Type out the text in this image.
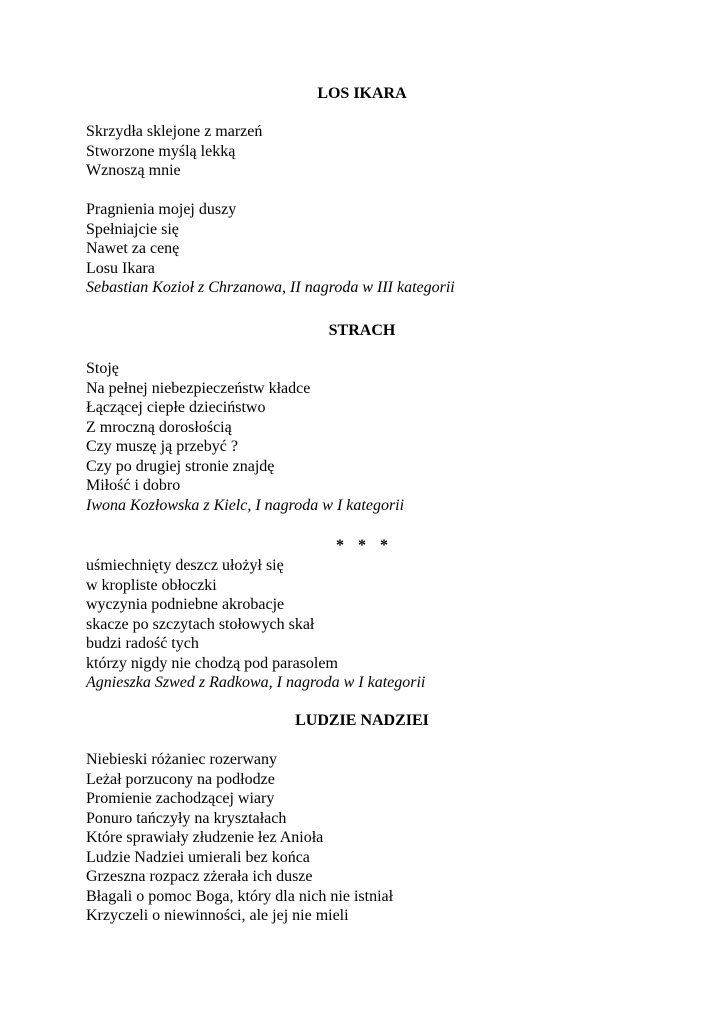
LOS IKARA
Skrzydła sklejone z marzeń
Stworzone myślą lekką
Wznoszą mnie
Pragnienia mojej duszy
Spełniajcie się
Nawet za cenę
Losu Ikara
Sebastian Kozioł z Chrzanowa, II nagroda w III kategorii
STRACH
Stoję
Na pełnej niebezpieczeństw kładce
Łączącej ciepłe dzieciństwo
Z mroczną dorosłością
Czy muszę ją przebyć ?
Czy po drugiej stronie znajdę
Miłość i dobro
Iwona Kozłowska z Kielc, I nagroda w I kategorii
* * *
uśmiechnięty deszcz ułożył się
w kropliste obłoczki
wyczynia podniebne akrobacje
skacze po szczytach stołowych skał
budzi radość tych
którzy nigdy nie chodzą pod parasolem
Agnieszka Szwed z Radkowa, I nagroda w I kategorii
LUDZIE NADZIEI
Niebieski różaniec rozerwany
Leżał porzucony na podłodze
Promienie zachodzącej wiary
Ponuro tańczyły na kryształach
Które sprawiały złudzenie łez Anioła
Ludzie Nadziei umierali bez końca
Grzeszna rozpacz zżerała ich dusze
Błagali o pomoc Boga, który dla nich nie istniał
Krzyczeli o niewinności, ale jej nie mieli
